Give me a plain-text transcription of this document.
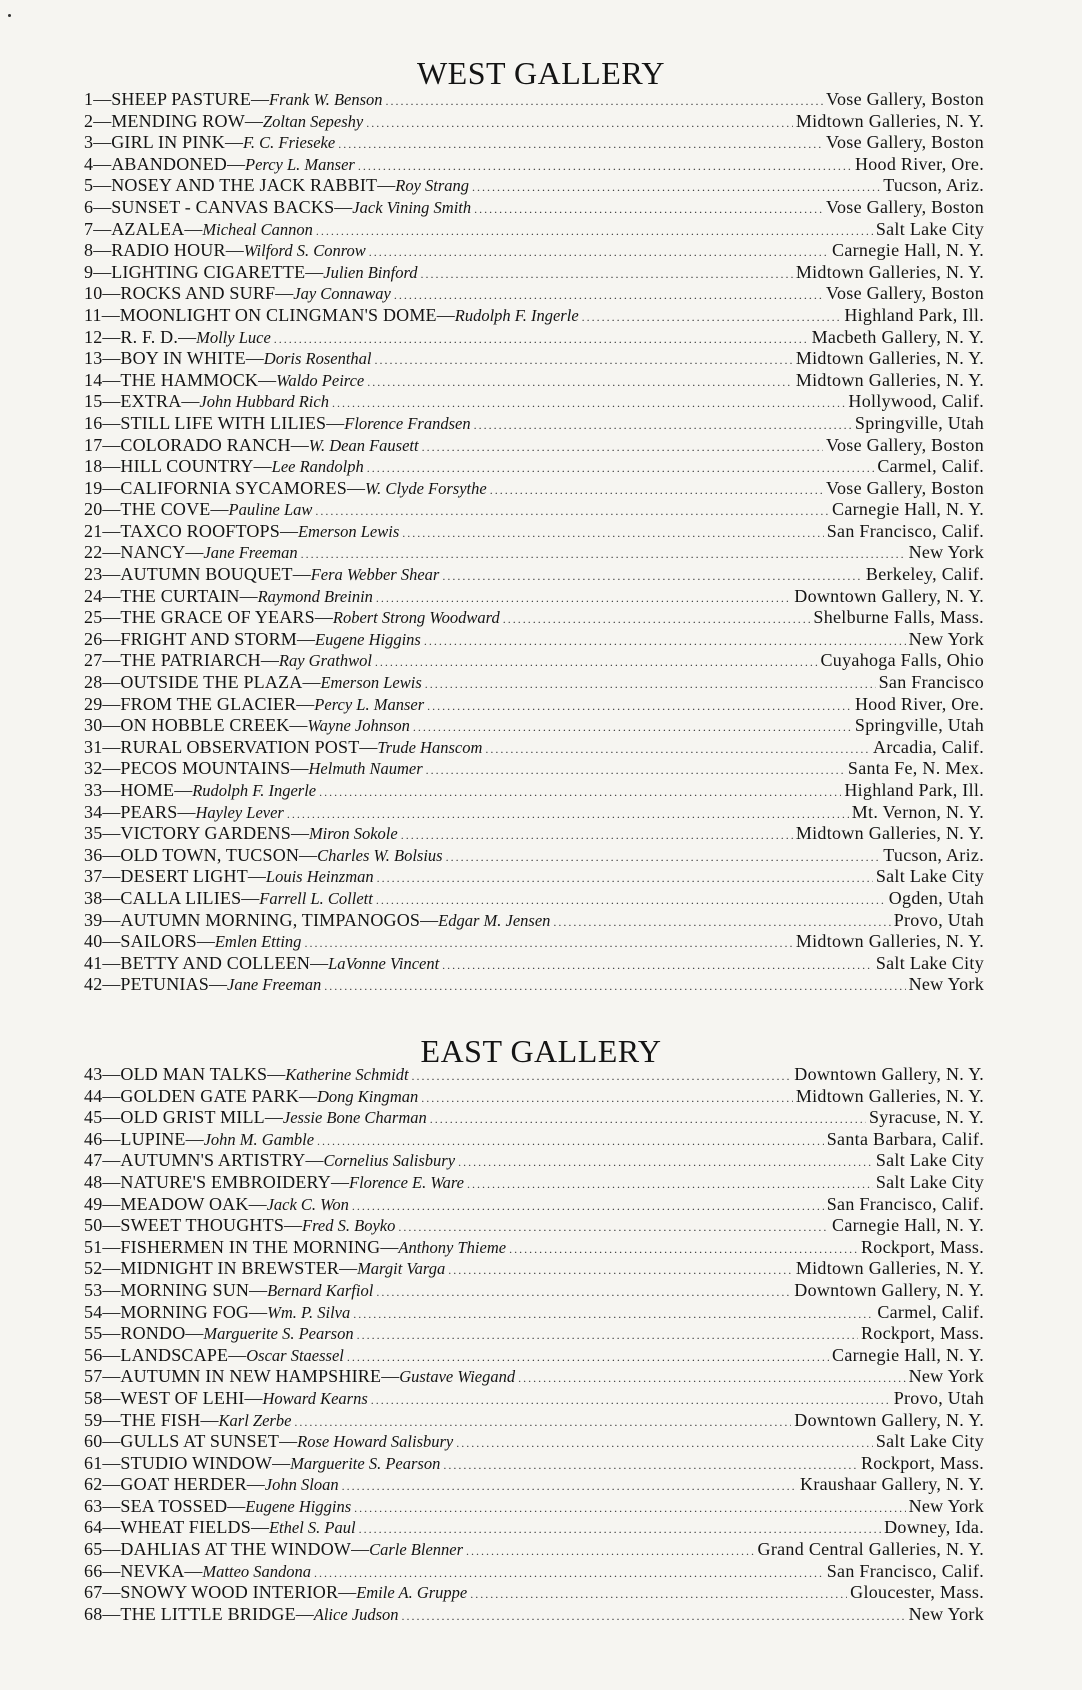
WEST GALLERY
1 — SHEEP PASTURE — Frank W. Benson .....	Vose Gallery, Boston
2 — MENDING ROW — Zoltan Sepeshy .....	Midtown Galleries, N. Y.
3 — GIRL IN PINK — F. C. Frieseke .....	Vose Gallery, Boston
4 — ABANDONED — Percy L. Manser .....	Hood River, Ore.
5 — NOSEY AND THE JACK RABBIT — Roy Strang .....	Tucson, Ariz.
6 — SUNSET - CANVAS BACKS — Jack Vining Smith .....	Vose Gallery, Boston
7 — AZALEA — Micheal Cannon .....	Salt Lake City
8 — RADIO HOUR — Wilford S. Conrow .....	Carnegie Hall, N. Y.
9 — LIGHTING CIGARETTE — Julien Binford .....	Midtown Galleries, N. Y.
10 — ROCKS AND SURF — Jay Connaway .....	Vose Gallery, Boston
11 — MOONLIGHT ON CLINGMAN'S DOME — Rudolph F. Ingerle .....	Highland Park, Ill.
12 — R. F. D. — Molly Luce .....	Macbeth Gallery, N. Y.
13 — BOY IN WHITE — Doris Rosenthal .....	Midtown Galleries, N. Y.
14 — THE HAMMOCK — Waldo Peirce .....	Midtown Galleries, N. Y.
15 — EXTRA — John Hubbard Rich .....	Hollywood, Calif.
16 — STILL LIFE WITH LILIES — Florence Frandsen .....	Springville, Utah
17 — COLORADO RANCH — W. Dean Fausett .....	Vose Gallery, Boston
18 — HILL COUNTRY — Lee Randolph .....	Carmel, Calif.
19 — CALIFORNIA SYCAMORES — W. Clyde Forsythe .....	Vose Gallery, Boston
20 — THE COVE — Pauline Law .....	Carnegie Hall, N. Y.
21 — TAXCO ROOFTOPS — Emerson Lewis .....	San Francisco, Calif.
22 — NANCY — Jane Freeman .....	New York
23 — AUTUMN BOUQUET — Fera Webber Shear .....	Berkeley, Calif.
24 — THE CURTAIN — Raymond Breinin .....	Downtown Gallery, N. Y.
25 — THE GRACE OF YEARS — Robert Strong Woodward .....	Shelburne Falls, Mass.
26 — FRIGHT AND STORM — Eugene Higgins .....	New York
27 — THE PATRIARCH — Ray Grathwol .....	Cuyahoga Falls, Ohio
28 — OUTSIDE THE PLAZA — Emerson Lewis .....	San Francisco
29 — FROM THE GLACIER — Percy L. Manser .....	Hood River, Ore.
30 — ON HOBBLE CREEK — Wayne Johnson .....	Springville, Utah
31 — RURAL OBSERVATION POST — Trude Hanscom .....	Arcadia, Calif.
32 — PECOS MOUNTAINS — Helmuth Naumer .....	Santa Fe, N. Mex.
33 — HOME — Rudolph F. Ingerle .....	Highland Park, Ill.
34 — PEARS — Hayley Lever .....	Mt. Vernon, N. Y.
35 — VICTORY GARDENS — Miron Sokole .....	Midtown Galleries, N. Y.
36 — OLD TOWN, TUCSON — Charles W. Bolsius .....	Tucson, Ariz.
37 — DESERT LIGHT — Louis Heinzman .....	Salt Lake City
38 — CALLA LILIES — Farrell L. Collett .....	Ogden, Utah
39 — AUTUMN MORNING, TIMPANOGOS — Edgar M. Jensen .....	Provo, Utah
40 — SAILORS — Emlen Etting .....	Midtown Galleries, N. Y.
41 — BETTY AND COLLEEN — LaVonne Vincent .....	Salt Lake City
42 — PETUNIAS — Jane Freeman .....	New York
EAST GALLERY
43 — OLD MAN TALKS — Katherine Schmidt .....	Downtown Gallery, N. Y.
44 — GOLDEN GATE PARK — Dong Kingman .....	Midtown Galleries, N. Y.
45 — OLD GRIST MILL — Jessie Bone Charman .....	Syracuse, N. Y.
46 — LUPINE — John M. Gamble .....	Santa Barbara, Calif.
47 — AUTUMN'S ARTISTRY — Cornelius Salisbury .....	Salt Lake City
48 — NATURE'S EMBROIDERY — Florence E. Ware .....	Salt Lake City
49 — MEADOW OAK — Jack C. Won .....	San Francisco, Calif.
50 — SWEET THOUGHTS — Fred S. Boyko .....	Carnegie Hall, N. Y.
51 — FISHERMEN IN THE MORNING — Anthony Thieme .....	Rockport, Mass.
52 — MIDNIGHT IN BREWSTER — Margit Varga .....	Midtown Galleries, N. Y.
53 — MORNING SUN — Bernard Karfiol .....	Downtown Gallery, N. Y.
54 — MORNING FOG — Wm. P. Silva .....	Carmel, Calif.
55 — RONDO — Marguerite S. Pearson .....	Rockport, Mass.
56 — LANDSCAPE — Oscar Staessel .....	Carnegie Hall, N. Y.
57 — AUTUMN IN NEW HAMPSHIRE — Gustave Wiegand .....	New York
58 — WEST OF LEHI — Howard Kearns .....	Provo, Utah
59 — THE FISH — Karl Zerbe .....	Downtown Gallery, N. Y.
60 — GULLS AT SUNSET — Rose Howard Salisbury .....	Salt Lake City
61 — STUDIO WINDOW — Marguerite S. Pearson .....	Rockport, Mass.
62 — GOAT HERDER — John Sloan .....	Kraushaar Gallery, N. Y.
63 — SEA TOSSED — Eugene Higgins .....	New York
64 — WHEAT FIELDS — Ethel S. Paul .....	Downey, Ida.
65 — DAHLIAS AT THE WINDOW — Carle Blenner .....	Grand Central Galleries, N. Y.
66 — NEVKA — Matteo Sandona .....	San Francisco, Calif.
67 — SNOWY WOOD INTERIOR — Emile A. Gruppe .....	Gloucester, Mass.
68 — THE LITTLE BRIDGE — Alice Judson .....	New York
